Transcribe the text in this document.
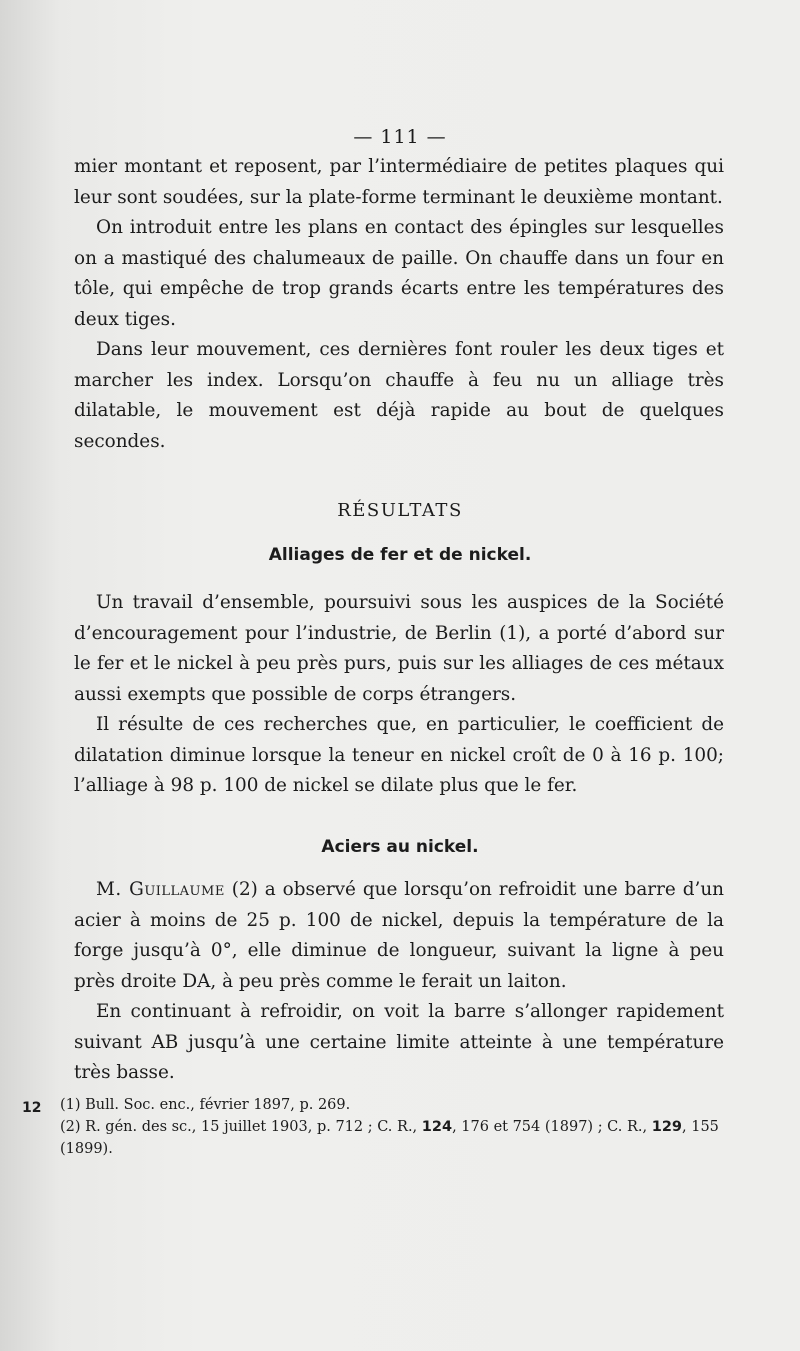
— 111 —

mier montant et reposent, par l’intermédiaire de petites plaques qui leur sont soudées, sur la plate-forme terminant le deuxième montant.

On introduit entre les plans en contact des épingles sur lesquelles on a mastiqué des chalumeaux de paille. On chauffe dans un four en tôle, qui empêche de trop grands écarts entre les températures des deux tiges.

Dans leur mouvement, ces dernières font rouler les deux tiges et marcher les index. Lorsqu’on chauffe à feu nu un alliage très dilatable, le mouvement est déjà rapide au bout de quelques secondes.

RÉSULTATS
Alliages de fer et de nickel.

Un travail d’ensemble, poursuivi sous les auspices de la Société d’encouragement pour l’industrie, de Berlin (1), a porté d’abord sur le fer et le nickel à peu près purs, puis sur les alliages de ces métaux aussi exempts que possible de corps étrangers.

Il résulte de ces recherches que, en particulier, le coefficient de dilatation diminue lorsque la teneur en nickel croît de 0 à 16 p. 100; l’alliage à 98 p. 100 de nickel se dilate plus que le fer.

Aciers au nickel.

M. Guillaume (2) a observé que lorsqu’on refroidit une barre d’un acier à moins de 25 p. 100 de nickel, depuis la température de la forge jusqu’à 0°, elle diminue de longueur, suivant la ligne à peu près droite DA, à peu près comme le ferait un laiton.

En continuant à refroidir, on voit la barre s’allonger rapidement suivant AB jusqu’à une certaine limite atteinte à une température très basse.

12 (1) Bull. Soc. enc., février 1897, p. 269.
(2) R. gén. des sc., 15 juillet 1903, p. 712 ; C. R., 124, 176 et 754 (1897) ; C. R., 129, 155 (1899).
